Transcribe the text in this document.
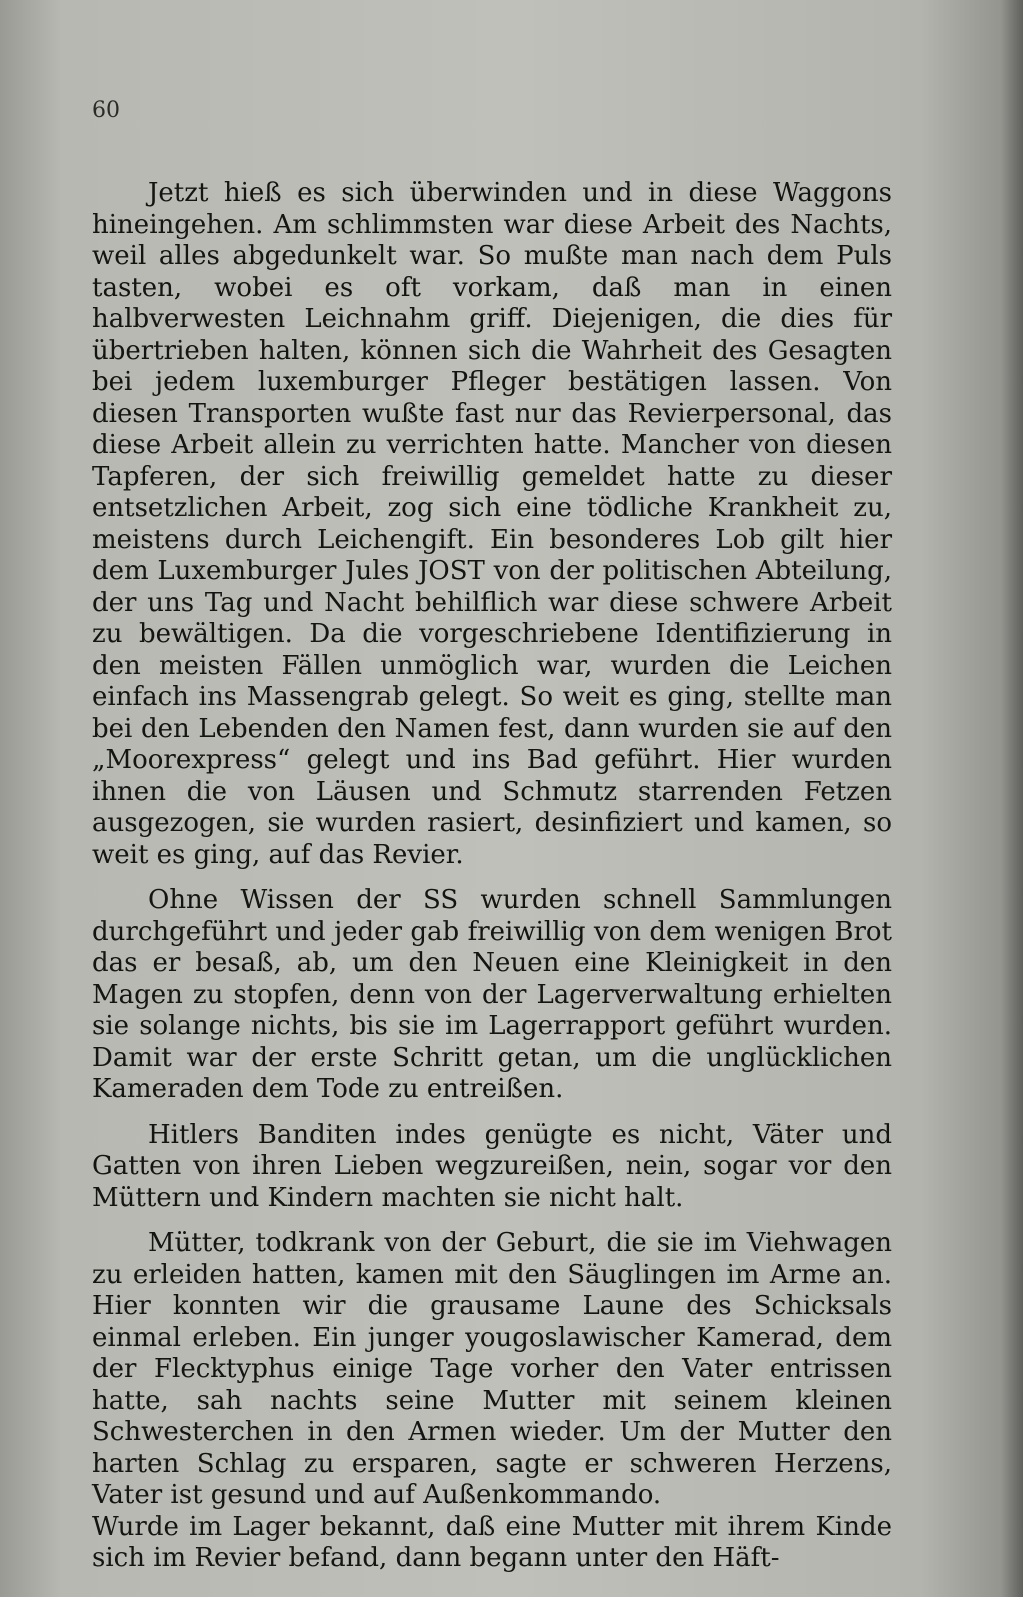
60

Jetzt hieß es sich überwinden und in diese Waggons hineingehen. Am schlimmsten war diese Arbeit des Nachts, weil alles abgedunkelt war. So mußte man nach dem Puls tasten, wobei es oft vorkam, daß man in einen halbverwesten Leichnahm griff. Diejenigen, die dies für übertrieben halten, können sich die Wahrheit des Gesagten bei jedem luxemburger Pfleger bestätigen lassen. Von diesen Transporten wußte fast nur das Revierpersonal, das diese Arbeit allein zu verrichten hatte. Mancher von diesen Tapferen, der sich freiwillig gemeldet hatte zu dieser entsetzlichen Arbeit, zog sich eine tödliche Krankheit zu, meistens durch Leichengift. Ein besonderes Lob gilt hier dem Luxemburger Jules JOST von der politischen Abteilung, der uns Tag und Nacht behilflich war diese schwere Arbeit zu bewältigen. Da die vorgeschriebene Identifizierung in den meisten Fällen unmöglich war, wurden die Leichen einfach ins Massengrab gelegt. So weit es ging, stellte man bei den Lebenden den Namen fest, dann wurden sie auf den „Moorexpress“ gelegt und ins Bad geführt. Hier wurden ihnen die von Läusen und Schmutz starrenden Fetzen ausgezogen, sie wurden rasiert, desinfiziert und kamen, so weit es ging, auf das Revier.

Ohne Wissen der SS wurden schnell Sammlungen durchgeführt und jeder gab freiwillig von dem wenigen Brot das er besaß, ab, um den Neuen eine Kleinigkeit in den Magen zu stopfen, denn von der Lagerverwaltung erhielten sie solange nichts, bis sie im Lagerrapport geführt wurden. Damit war der erste Schritt getan, um die unglücklichen Kameraden dem Tode zu entreißen.

Hitlers Banditen indes genügte es nicht, Väter und Gatten von ihren Lieben wegzureißen, nein, sogar vor den Müttern und Kindern machten sie nicht halt.

Mütter, todkrank von der Geburt, die sie im Viehwagen zu erleiden hatten, kamen mit den Säuglingen im Arme an. Hier konnten wir die grausame Laune des Schicksals einmal erleben. Ein junger yougoslawischer Kamerad, dem der Flecktyphus einige Tage vorher den Vater entrissen hatte, sah nachts seine Mutter mit seinem kleinen Schwesterchen in den Armen wieder. Um der Mutter den harten Schlag zu ersparen, sagte er schweren Herzens, Vater ist gesund und auf Außenkommando.

Wurde im Lager bekannt, daß eine Mutter mit ihrem Kinde sich im Revier befand, dann begann unter den Häft-
